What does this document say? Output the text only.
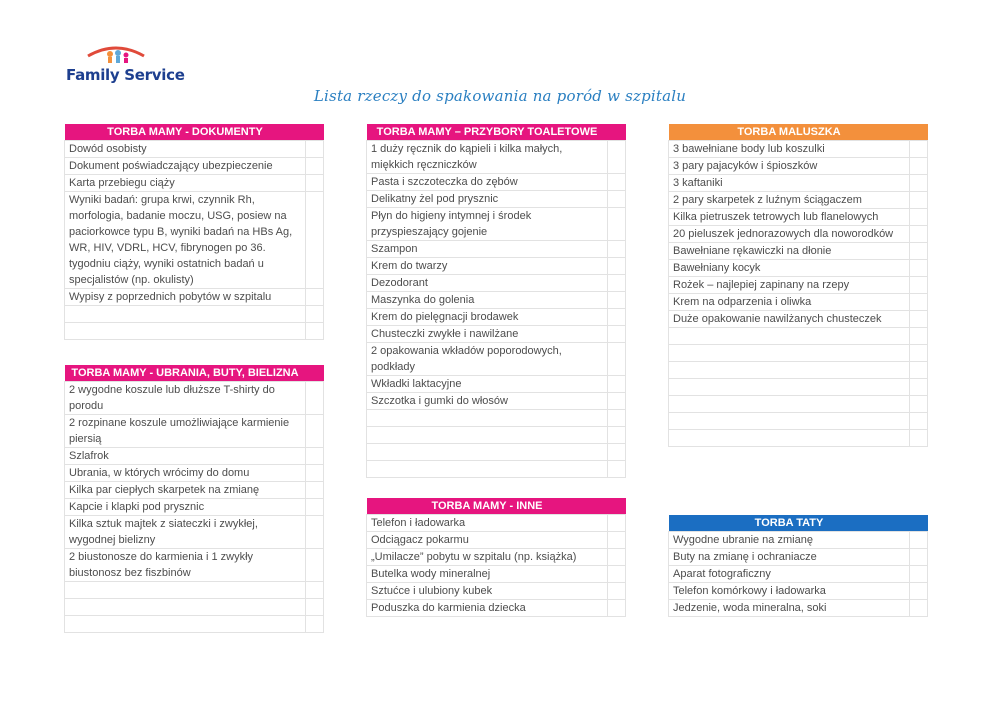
Family Service
Lista rzeczy do spakowania na poród w szpitalu
TORBA MAMY - DOKUMENTY	
Dowód osobisty	
Dokument poświadczający ubezpieczenie	
Karta przebiegu ciąży	
Wyniki badań: grupa krwi, czynnik Rh, morfologia, badanie moczu, USG, posiew na paciorkowce typu B, wyniki badań na HBs Ag, WR, HIV, VDRL, HCV, fibrynogen po 36. tygodniu ciąży, wyniki ostatnich badań u specjalistów (np. okulisty)	
Wypisy z poprzednich pobytów w szpitalu	

TORBA MAMY - UBRANIA, BUTY, BIELIZNA	
2 wygodne koszule lub dłuższe T-shirty do porodu	
2 rozpinane koszule umożliwiające karmienie piersią	
Szlafrok	
Ubrania, w których wrócimy do domu	
Kilka par ciepłych skarpetek na zmianę	
Kapcie i klapki pod prysznic	
Kilka sztuk majtek z siateczki i zwykłej, wygodnej bielizny	
2 biustonosze do karmienia i 1 zwykły biustonosz bez fiszbinów	

TORBA MAMY – PRZYBORY TOALETOWE	
1 duży ręcznik do kąpieli i kilka małych, miękkich ręczniczków	
Pasta i szczoteczka do zębów	
Delikatny żel pod prysznic	
Płyn do higieny intymnej i środek przyspieszający gojenie	
Szampon	
Krem do twarzy	
Dezodorant	
Maszynka do golenia	
Krem do pielęgnacji brodawek	
Chusteczki zwykłe i nawilżane	
2 opakowania wkładów poporodowych, podkłady	
Wkładki laktacyjne	
Szczotka i gumki do włosów	

TORBA MAMY - INNE	
Telefon i ładowarka	
Odciągacz pokarmu	
„Umilacze” pobytu w szpitalu (np. książka)	
Butelka wody mineralnej	
Sztućce i ulubiony kubek	
Poduszka do karmienia dziecka	
TORBA MALUSZKA	
3 bawełniane body lub koszulki	
3 pary pajacyków i śpioszków	
3 kaftaniki	
2 pary skarpetek z luźnym ściągaczem	
Kilka pietruszek tetrowych lub flanelowych	
20 pieluszek jednorazowych dla noworodków	
Bawełniane rękawiczki na dłonie	
Bawełniany kocyk	
Rożek – najlepiej zapinany na rzepy	
Krem na odparzenia i oliwka	
Duże opakowanie nawilżanych chusteczek	

TORBA TATY	
Wygodne ubranie na zmianę	
Buty na zmianę i ochraniacze	
Aparat fotograficzny	
Telefon komórkowy i ładowarka	
Jedzenie, woda mineralna, soki	
